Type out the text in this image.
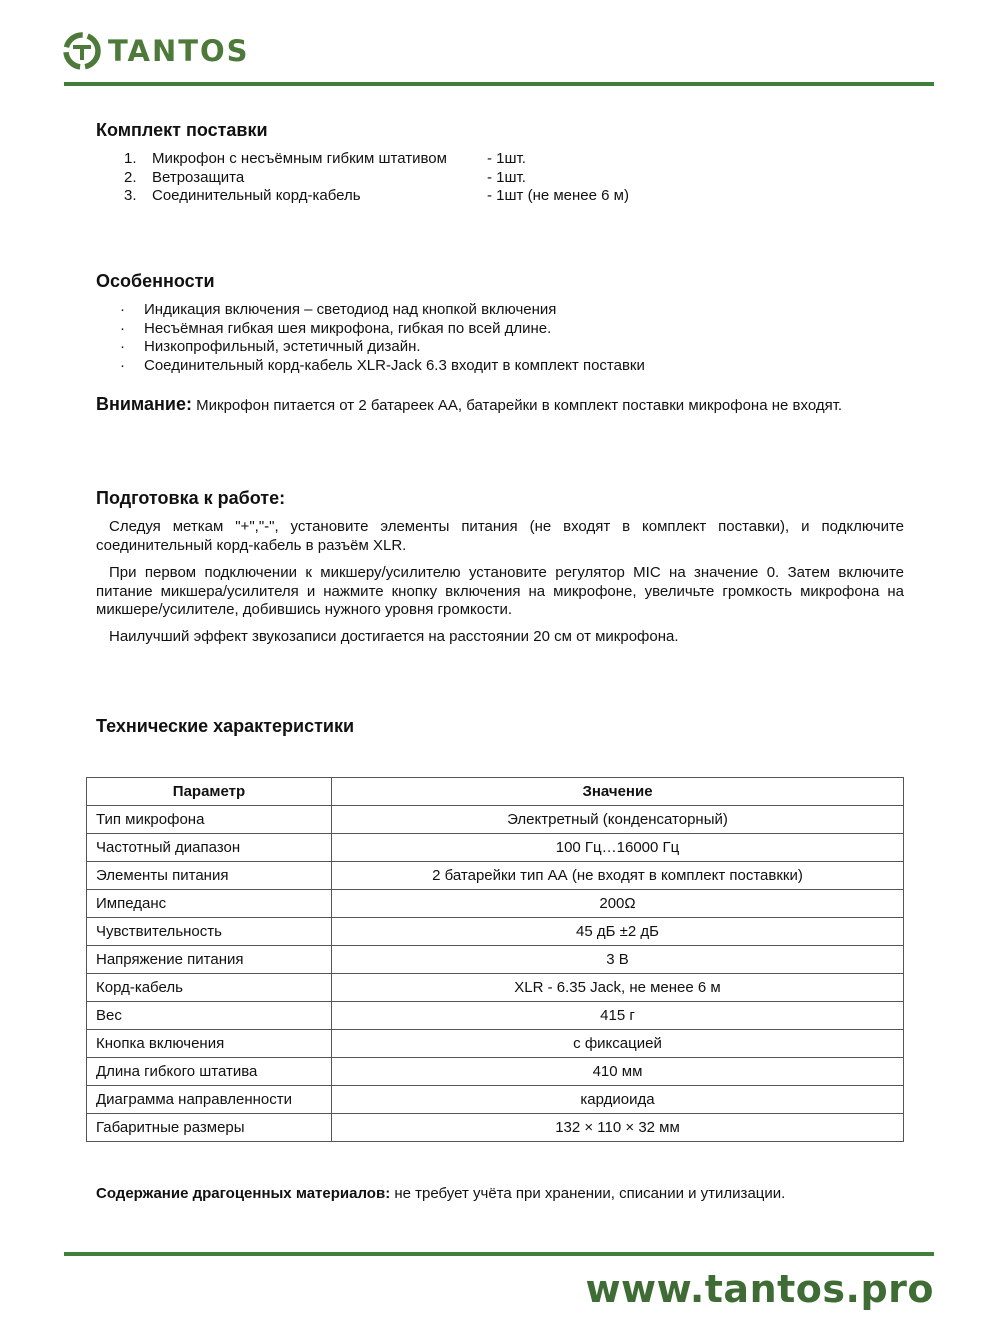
TANTOS
Комплект поставки
1.	Микрофон с несъёмным гибким штативом	- 1шт.
2.	Ветрозащита	- 1шт.
3.	Соединительный корд-кабель	- 1шт (не менее 6 м)
Особенности
·	Индикация включения – светодиод над кнопкой включения
·	Несъёмная гибкая шея микрофона, гибкая по всей длине.
·	Низкопрофильный, эстетичный дизайн.
·	Соединительный корд-кабель XLR-Jack 6.3 входит в комплект поставки
Внимание: Микрофон питается от 2 батареек АА, батарейки в комплект поставки микрофона не входят.
Подготовка к работе:

Следуя меткам "+","-", установите элементы питания (не входят в комплект поставки), и подключите соединительный корд-кабель в разъём XLR.

При первом подключении к микшеру/усилителю установите регулятор MIC на значение 0. Затем включите питание микшера/усилителя и нажмите кнопку включения на микрофоне, увеличьте громкость микрофона на микшере/усилителе, добившись нужного уровня громкости.

Наилучший эффект звукозаписи достигается на расстоянии 20 см от микрофона.

Технические характеристики
Параметр	Значение
Тип микрофона	Электретный (конденсаторный)
Частотный диапазон	100 Гц…16000 Гц
Элементы питания	2 батарейки тип АА (не входят в комплект поставкки)
Импеданс	200Ω
Чувствительность	45 дБ ±2 дБ
Напряжение питания	3 В
Корд-кабель	XLR - 6.35 Jack, не менее 6 м
Вес	415 г
Кнопка включения	с фиксацией
Длина гибкого штатива	410 мм
Диаграмма направленности	кардиоида
Габаритные размеры	132 × 110 × 32 мм
Содержание драгоценных материалов: не требует учёта при хранении, списании и утилизации.
www.tantos.pro
